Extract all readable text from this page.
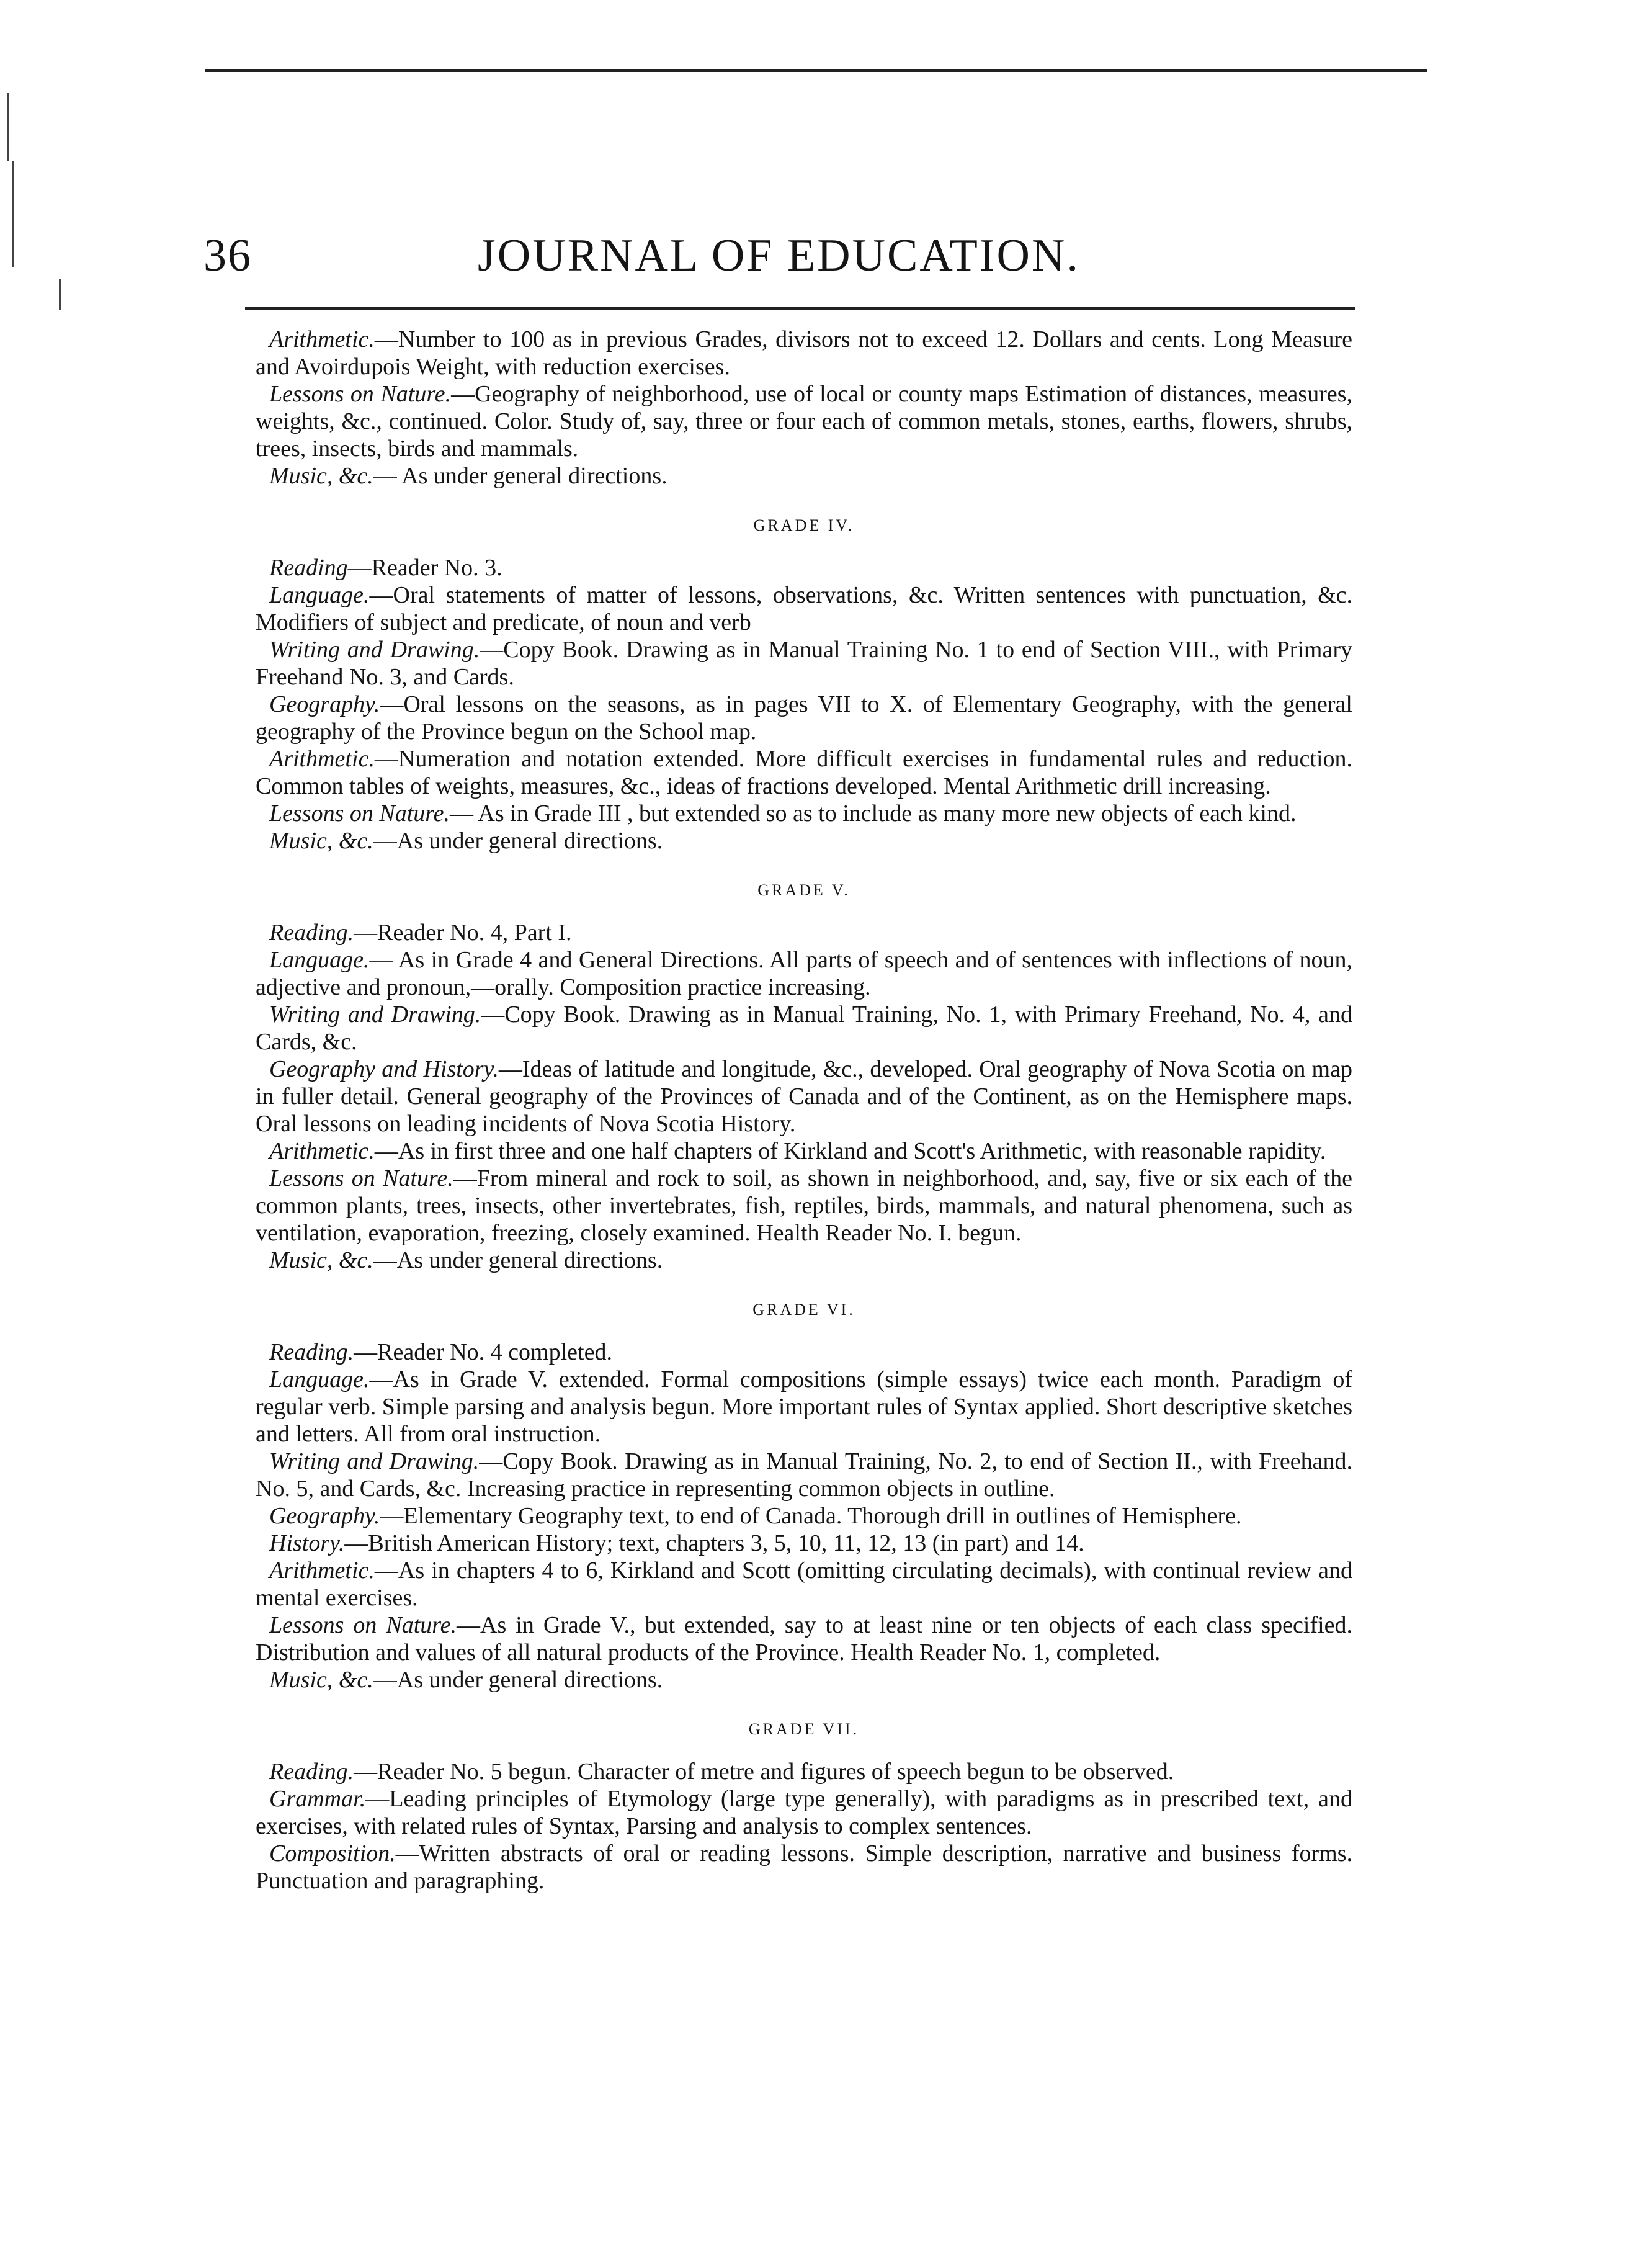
36	JOURNAL OF EDUCATION.

Arithmetic.—Number to 100 as in previous Grades, divisors not to exceed 12. Dollars and cents. Long Measure and Avoirdupois Weight, with reduction exercises.

Lessons on Nature.—Geography of neighborhood, use of local or county maps Estimation of distances, measures, weights, &c., continued. Color. Study of, say, three or four each of common metals, stones, earths, flowers, shrubs, trees, insects, birds and mammals.

Music, &c.— As under general directions.

GRADE IV.

Reading—Reader No. 3.

Language.—Oral statements of matter of lessons, observations, &c. Written sentences with punctuation, &c. Modifiers of subject and predicate, of noun and verb

Writing and Drawing.—Copy Book. Drawing as in Manual Training No. 1 to end of Section VIII., with Primary Freehand No. 3, and Cards.

Geography.—Oral lessons on the seasons, as in pages VII to X. of Elementary Geography, with the general geography of the Province begun on the School map.

Arithmetic.—Numeration and notation extended. More difficult exercises in fundamental rules and reduction. Common tables of weights, measures, &c., ideas of fractions developed. Mental Arithmetic drill increasing.

Lessons on Nature.— As in Grade III , but extended so as to include as many more new objects of each kind.

Music, &c.—As under general directions.

GRADE V.

Reading.—Reader No. 4, Part I.

Language.— As in Grade 4 and General Directions. All parts of speech and of sentences with inflections of noun, adjective and pronoun,—orally. Composition practice increasing.

Writing and Drawing.—Copy Book. Drawing as in Manual Training, No. 1, with Primary Freehand, No. 4, and Cards, &c.

Geography and History.—Ideas of latitude and longitude, &c., developed. Oral geography of Nova Scotia on map in fuller detail. General geography of the Provinces of Canada and of the Continent, as on the Hemisphere maps. Oral lessons on leading incidents of Nova Scotia History.

Arithmetic.—As in first three and one half chapters of Kirkland and Scott's Arithmetic, with reasonable rapidity.

Lessons on Nature.—From mineral and rock to soil, as shown in neighborhood, and, say, five or six each of the common plants, trees, insects, other invertebrates, fish, reptiles, birds, mammals, and natural phenomena, such as ventilation, evaporation, freezing, closely examined. Health Reader No. I. begun.

Music, &c.—As under general directions.

GRADE VI.

Reading.—Reader No. 4 completed.

Language.—As in Grade V. extended. Formal compositions (simple essays) twice each month. Paradigm of regular verb. Simple parsing and analysis begun. More important rules of Syntax applied. Short descriptive sketches and letters. All from oral instruction.

Writing and Drawing.—Copy Book. Drawing as in Manual Training, No. 2, to end of Section II., with Freehand. No. 5, and Cards, &c. Increasing practice in representing common objects in outline.

Geography.—Elementary Geography text, to end of Canada. Thorough drill in outlines of Hemisphere.

History.—British American History; text, chapters 3, 5, 10, 11, 12, 13 (in part) and 14.

Arithmetic.—As in chapters 4 to 6, Kirkland and Scott (omitting circulating decimals), with continual review and mental exercises.

Lessons on Nature.—As in Grade V., but extended, say to at least nine or ten objects of each class specified. Distribution and values of all natural products of the Province. Health Reader No. 1, completed.

Music, &c.—As under general directions.

GRADE VII.

Reading.—Reader No. 5 begun. Character of metre and figures of speech begun to be observed.

Grammar.—Leading principles of Etymology (large type generally), with paradigms as in prescribed text, and exercises, with related rules of Syntax, Parsing and analysis to complex sentences.

Composition.—Written abstracts of oral or reading lessons. Simple description, narrative and business forms. Punctuation and paragraphing.
